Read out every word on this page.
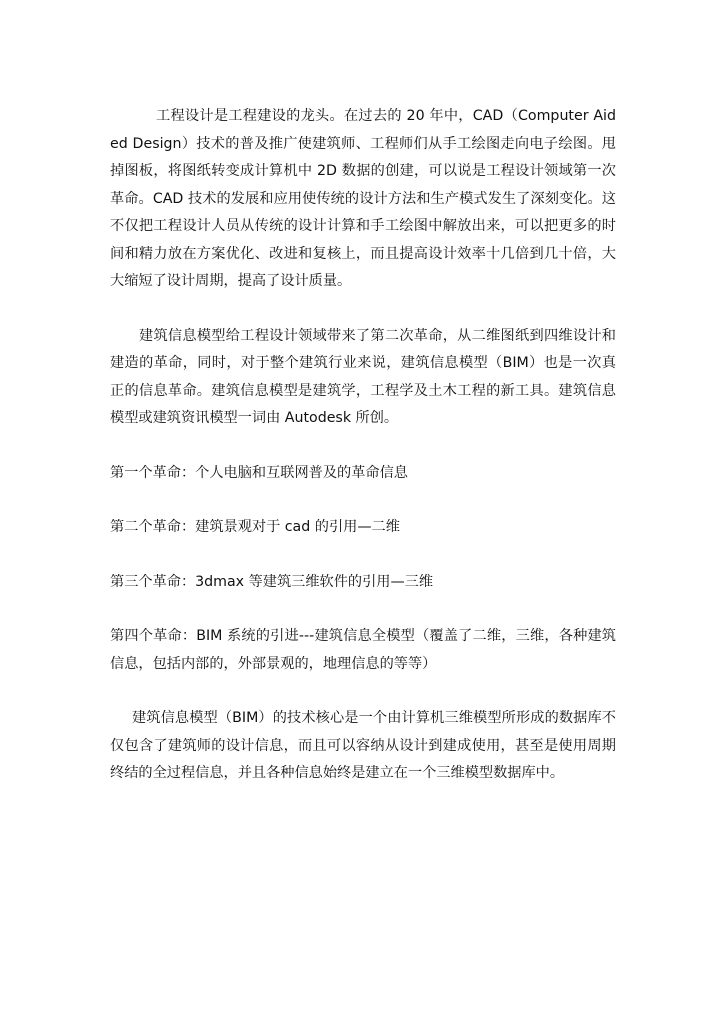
工程设计是工程建设的龙头。在过去的 20 年中，CAD（Computer Aided Design）技术的普及推广使建筑师、工程师们从手工绘图走向电子绘图。甩掉图板，将图纸转变成计算机中 2D 数据的创建，可以说是工程设计领域第一次革命。CAD 技术的发展和应用使传统的设计方法和生产模式发生了深刻变化。这不仅把工程设计人员从传统的设计计算和手工绘图中解放出来，可以把更多的时间和精力放在方案优化、改进和复核上，而且提高设计效率十几倍到几十倍，大大缩短了设计周期，提高了设计质量。

建筑信息模型给工程设计领域带来了第二次革命，从二维图纸到四维设计和建造的革命，同时，对于整个建筑行业来说，建筑信息模型（BIM）也是一次真正的信息革命。建筑信息模型是建筑学，工程学及土木工程的新工具。建筑信息模型或建筑资讯模型一词由 Autodesk 所创。

第一个革命：个人电脑和互联网普及的革命信息

第二个革命：建筑景观对于 cad 的引用—二维

第三个革命：3dmax 等建筑三维软件的引用—三维

第四个革命：BIM 系统的引进---建筑信息全模型（覆盖了二维，三维，各种建筑信息，包括内部的，外部景观的，地理信息的等等）

建筑信息模型（BIM）的技术核心是一个由计算机三维模型所形成的数据库不仅包含了建筑师的设计信息，而且可以容纳从设计到建成使用，甚至是使用周期终结的全过程信息，并且各种信息始终是建立在一个三维模型数据库中。
